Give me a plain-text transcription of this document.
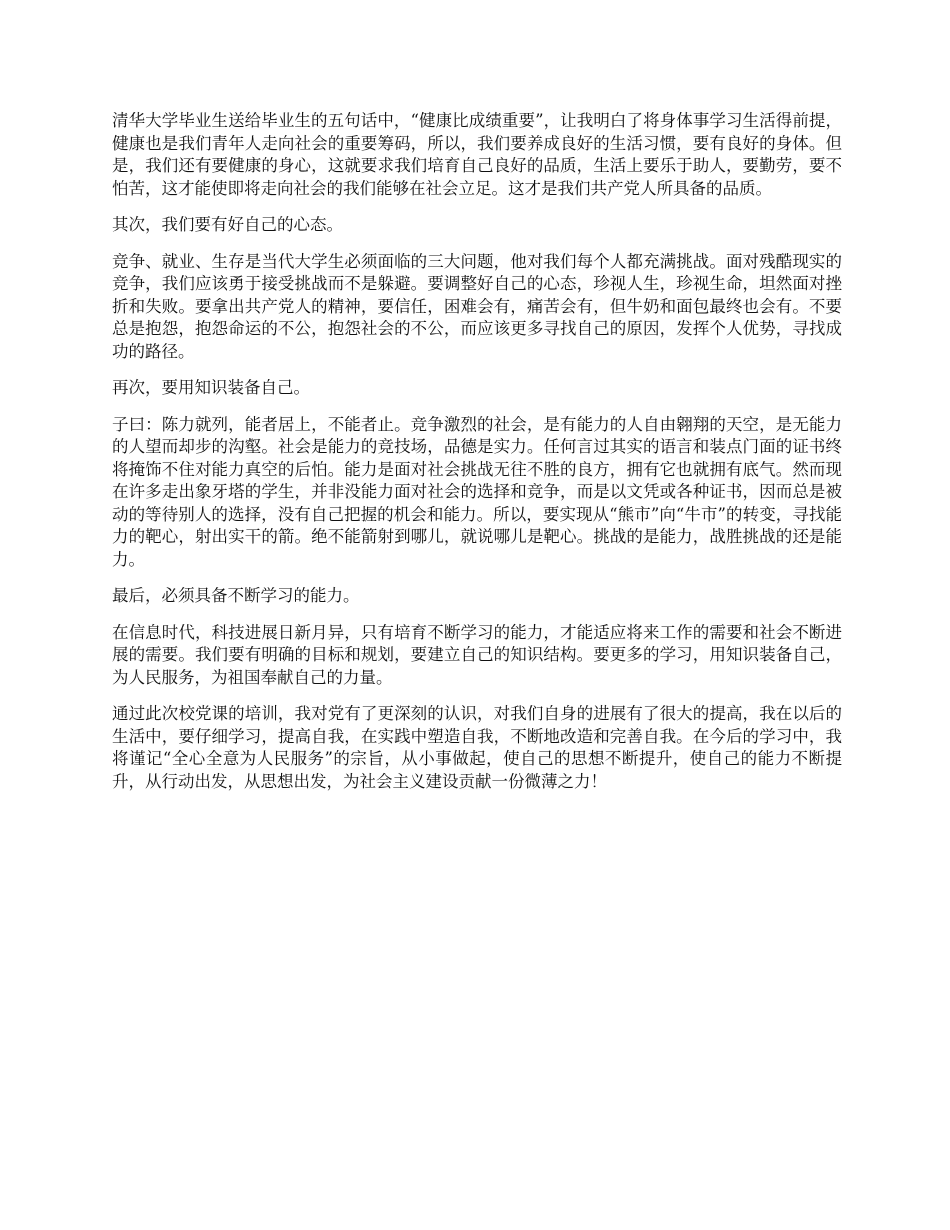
清华大学毕业生送给毕业生的五句话中，“健康比成绩重要”，让我明白了将身体事学习生活得前提，健康也是我们青年人走向社会的重要筹码，所以，我们要养成良好的生活习惯，要有良好的身体。但是，我们还有要健康的身心，这就要求我们培育自己良好的品质，生活上要乐于助人，要勤劳，要不怕苦，这才能使即将走向社会的我们能够在社会立足。这才是我们共产党人所具备的品质。

其次，我们要有好自己的心态。

竞争、就业、生存是当代大学生必须面临的三大问题，他对我们每个人都充满挑战。面对残酷现实的竞争，我们应该勇于接受挑战而不是躲避。要调整好自己的心态，珍视人生，珍视生命，坦然面对挫折和失败。要拿出共产党人的精神，要信任，困难会有，痛苦会有，但牛奶和面包最终也会有。不要总是抱怨，抱怨命运的不公，抱怨社会的不公，而应该更多寻找自己的原因，发挥个人优势，寻找成功的路径。

再次，要用知识装备自己。

子曰：陈力就列，能者居上，不能者止。竞争激烈的社会，是有能力的人自由翱翔的天空，是无能力的人望而却步的沟壑。社会是能力的竞技场，品德是实力。任何言过其实的语言和装点门面的证书终将掩饰不住对能力真空的后怕。能力是面对社会挑战无往不胜的良方，拥有它也就拥有底气。然而现在许多走出象牙塔的学生，并非没能力面对社会的选择和竞争，而是以文凭或各种证书，因而总是被动的等待别人的选择，没有自己把握的机会和能力。所以，要实现从“熊市”向“牛市”的转变，寻找能力的靶心，射出实干的箭。绝不能箭射到哪儿，就说哪儿是靶心。挑战的是能力，战胜挑战的还是能力。

最后，必须具备不断学习的能力。

在信息时代，科技进展日新月异，只有培育不断学习的能力，才能适应将来工作的需要和社会不断进展的需要。我们要有明确的目标和规划，要建立自己的知识结构。要更多的学习，用知识装备自己，为人民服务，为祖国奉献自己的力量。

通过此次校党课的培训，我对党有了更深刻的认识，对我们自身的进展有了很大的提高，我在以后的生活中，要仔细学习，提高自我，在实践中塑造自我，不断地改造和完善自我。在今后的学习中，我将谨记“全心全意为人民服务”的宗旨，从小事做起，使自己的思想不断提升，使自己的能力不断提升，从行动出发，从思想出发，为社会主义建设贡献一份微薄之力！
